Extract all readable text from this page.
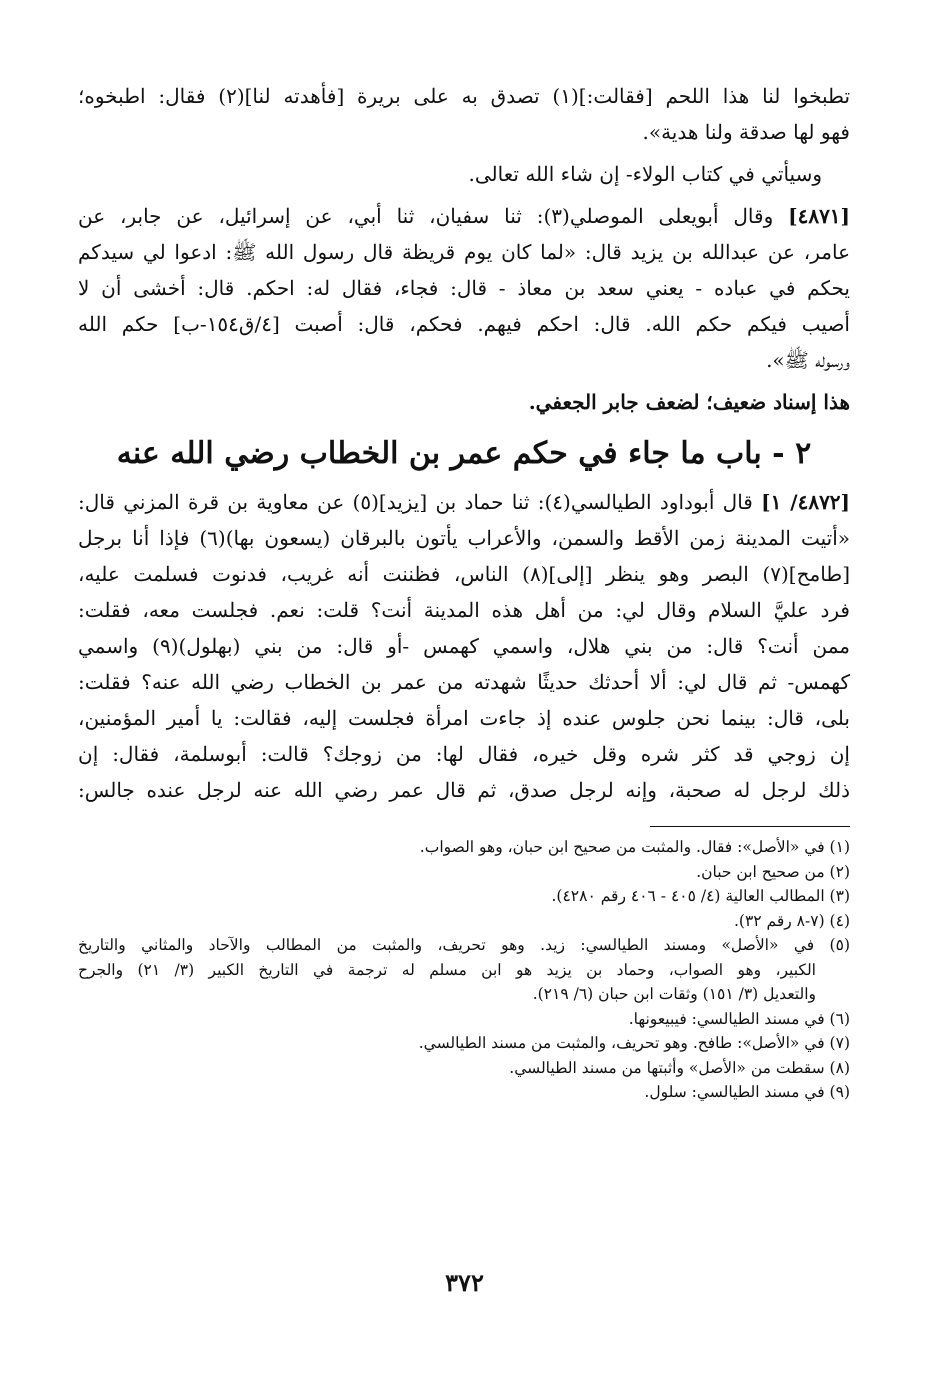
تطبخوا لنا هذا اللحم [فقالت:](١) تصدق به على بريرة [فأهدته لنا](٢) فقال: اطبخوه؛
فهو لها صدقة ولنا هدية».
وسيأتي في كتاب الولاء- إن شاء الله تعالى.
[٤٨٧١] وقال أبويعلى الموصلي(٣): ثنا سفيان، ثنا أبي، عن إسرائيل، عن جابر، عن
عامر، عن عبدالله بن يزيد قال: «لما كان يوم قريظة قال رسول الله ﷺ: ادعوا لي سيدكم
يحكم في عباده - يعني سعد بن معاذ - قال: فجاء، فقال له: احكم. قال: أخشى أن لا
أصيب فيكم حكم الله. قال: احكم فيهم. فحكم، قال: أصبت [٤/ق١٥٤-ب] حكم الله
ورسوله ﷺ».
هذا إسناد ضعيف؛ لضعف جابر الجعفي.
٢ - باب ما جاء في حكم عمر بن الخطاب رضي الله عنه
[٤٨٧٢/ ١] قال أبوداود الطيالسي(٤): ثنا حماد بن [يزيد](٥) عن معاوية بن قرة المزني قال:
«أتيت المدينة زمن الأقط والسمن، والأعراب يأتون بالبرقان (يسعون بها)(٦) فإذا أنا برجل
[طامح](٧) البصر وهو ينظر [إلى](٨) الناس، فظننت أنه غريب، فدنوت فسلمت عليه،
فرد عليَّ السلام وقال لي: من أهل هذه المدينة أنت؟ قلت: نعم. فجلست معه، فقلت:
ممن أنت؟ قال: من بني هلال، واسمي كهمس -أو قال: من بني (بهلول)(٩) واسمي
كهمس- ثم قال لي: ألا أحدثك حديثًا شهدته من عمر بن الخطاب رضي الله عنه؟ فقلت:
بلى، قال: بينما نحن جلوس عنده إذ جاءت امرأة فجلست إليه، فقالت: يا أمير المؤمنين،
إن زوجي قد كثر شره وقل خيره، فقال لها: من زوجك؟ قالت: أبوسلمة، فقال: إن
ذلك لرجل له صحبة، وإنه لرجل صدق، ثم قال عمر رضي الله عنه لرجل عنده جالس:
(١) في «الأصل»: فقال. والمثبت من صحيح ابن حبان، وهو الصواب.
(٢) من صحيح ابن حبان.
(٣) المطالب العالية (٤/ ٤٠٥ - ٤٠٦ رقم ٤٢٨٠).
(٤) (٧-٨ رقم ٣٢).
(٥) في «الأصل» ومسند الطيالسي: زيد. وهو تحريف، والمثبت من المطالب والآحاد والمثاني والتاريخ
الكبير، وهو الصواب، وحماد بن يزيد هو ابن مسلم له ترجمة في التاريخ الكبير (٣/ ٢١) والجرح
والتعديل (٣/ ١٥١) وثقات ابن حبان (٦/ ٢١٩).
(٦) في مسند الطيالسي: فيبيعونها.
(٧) في «الأصل»: طافح. وهو تحريف، والمثبت من مسند الطيالسي.
(٨) سقطت من «الأصل» وأثبتها من مسند الطيالسي.
(٩) في مسند الطيالسي: سلول.
٣٧٢
